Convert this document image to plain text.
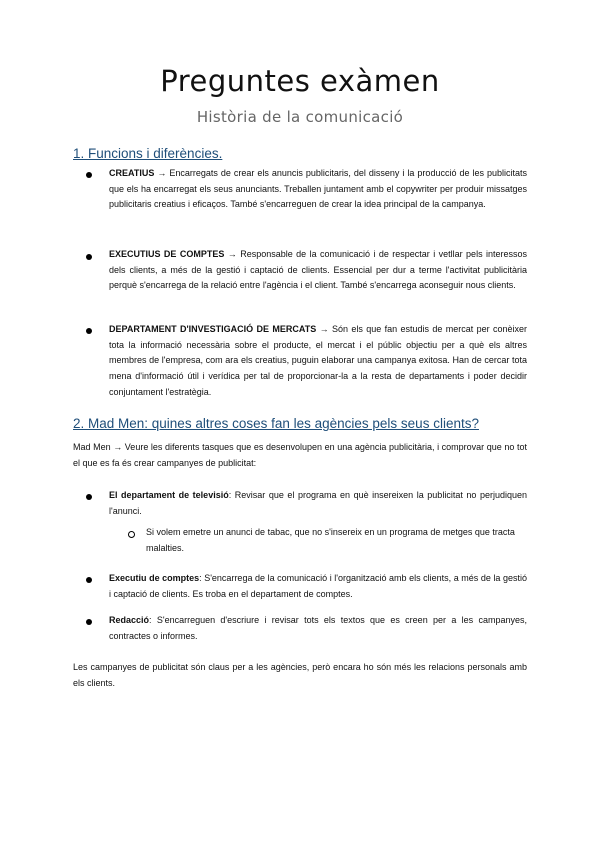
Preguntes exàmen

Història de la comunicació

1. Funcions i diferències.

CREATIUS → Encarregats de crear els anuncis publicitaris, del disseny i la producció de les publicitats que els ha encarregat els seus anunciants. Treballen juntament amb el copywriter per produir missatges publicitaris creatius i eficaços. També s'encarreguen de crear la idea principal de la campanya.

EXECUTIUS DE COMPTES → Responsable de la comunicació i de respectar i vetllar pels interessos dels clients, a més de la gestió i captació de clients. Essencial per dur a terme l'activitat publicitària perquè s'encarrega de la relació entre l'agència i el client. També s'encarrega aconseguir nous clients.

DEPARTAMENT D'INVESTIGACIÓ DE MERCATS → Són els que fan estudis de mercat per conèixer tota la informació necessària sobre el producte, el mercat i el públic objectiu per a què els altres membres de l'empresa, com ara els creatius, puguin elaborar una campanya exitosa. Han de cercar tota mena d'informació útil i verídica per tal de proporcionar-la a la resta de departaments i poder decidir conjuntament l'estratègia.

2. Mad Men: quines altres coses fan les agències pels seus clients?

Mad Men → Veure les diferents tasques que es desenvolupen en una agència publicitària, i comprovar que no tot el que es fa és crear campanyes de publicitat:

El departament de televisió: Revisar que el programa en què insereixen la publicitat no perjudiquen l'anunci.

Si volem emetre un anunci de tabac, que no s'insereix en un programa de metges que tracta malalties.

Executiu de comptes: S'encarrega de la comunicació i l'organització amb els clients, a més de la gestió i captació de clients. Es troba en el departament de comptes.

Redacció: S'encarreguen d'escriure i revisar tots els textos que es creen per a les campanyes, contractes o informes.

Les campanyes de publicitat són claus per a les agències, però encara ho són més les relacions personals amb els clients.
